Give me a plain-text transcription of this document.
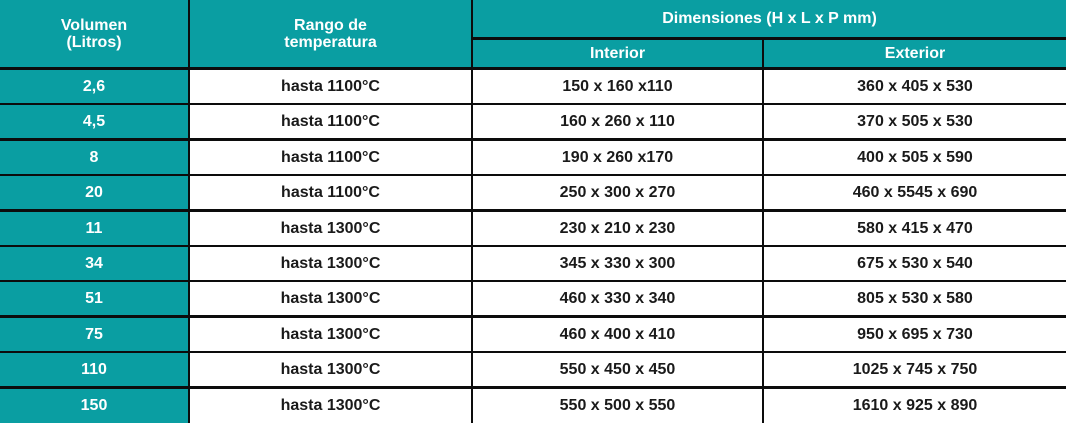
Volumen
(Litros)
Rango de
temperatura
Dimensiones (H x L x P mm)
Interior	Exterior
2,6	hasta 1100°C	150 x 160 x110	360 x 405 x 530
4,5	hasta 1100°C	160 x 260 x 110	370 x 505 x 530
8	hasta 1100°C	190 x 260 x170	400 x 505 x 590
20	hasta 1100°C	250 x 300 x 270	460 x 5545 x 690
11	hasta 1300°C	230 x 210 x 230	580 x 415 x 470
34	hasta 1300°C	345 x 330 x 300	675 x 530 x 540
51	hasta 1300°C	460 x 330 x 340	805 x 530 x 580
75	hasta 1300°C	460 x 400 x 410	950 x 695 x 730
110	hasta 1300°C	550 x 450 x 450	1025 x 745 x 750
150	hasta 1300°C	550 x 500 x 550	1610 x 925 x 890
